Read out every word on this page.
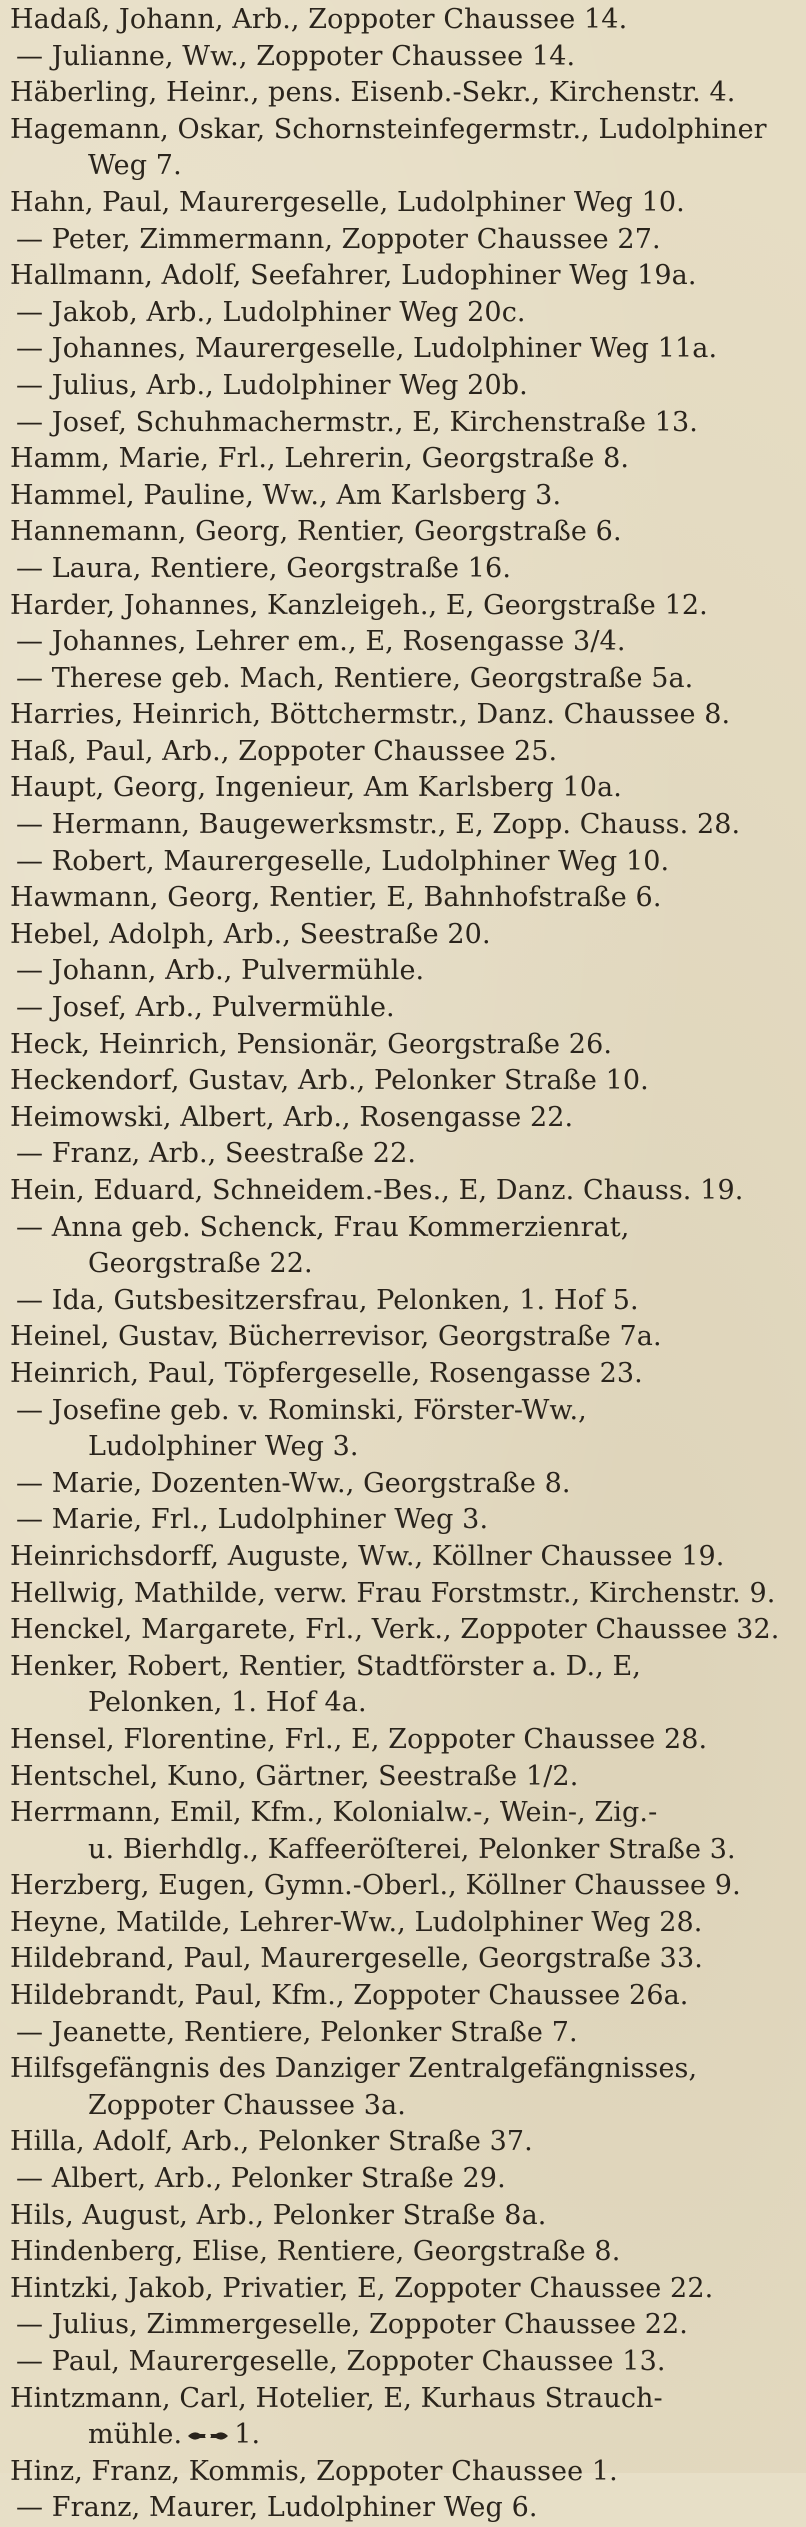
Hadaß, Johann, Arb., Zoppoter Chaussee 14.
— Julianne, Ww., Zoppoter Chaussee 14.
Häberling, Heinr., pens. Eisenb.-Sekr., Kirchenstr. 4.
Hagemann, Oskar, Schornsteinfegermstr., Ludolphiner
Weg 7.
Hahn, Paul, Maurergeselle, Ludolphiner Weg 10.
— Peter, Zimmermann, Zoppoter Chaussee 27.
Hallmann, Adolf, Seefahrer, Ludophiner Weg 19a.
— Jakob, Arb., Ludolphiner Weg 20c.
— Johannes, Maurergeselle, Ludolphiner Weg 11a.
— Julius, Arb., Ludolphiner Weg 20b.
— Josef, Schuhmachermstr., E, Kirchenstraße 13.
Hamm, Marie, Frl., Lehrerin, Georgstraße 8.
Hammel, Pauline, Ww., Am Karlsberg 3.
Hannemann, Georg, Rentier, Georgstraße 6.
— Laura, Rentiere, Georgstraße 16.
Harder, Johannes, Kanzleigeh., E, Georgstraße 12.
— Johannes, Lehrer em., E, Rosengasse 3/4.
— Therese geb. Mach, Rentiere, Georgstraße 5a.
Harries, Heinrich, Böttchermstr., Danz. Chaussee 8.
Haß, Paul, Arb., Zoppoter Chaussee 25.
Haupt, Georg, Ingenieur, Am Karlsberg 10a.
— Hermann, Baugewerksmstr., E, Zopp. Chauss. 28.
— Robert, Maurergeselle, Ludolphiner Weg 10.
Hawmann, Georg, Rentier, E, Bahnhofstraße 6.
Hebel, Adolph, Arb., Seestraße 20.
— Johann, Arb., Pulvermühle.
— Josef, Arb., Pulvermühle.
Heck, Heinrich, Pensionär, Georgstraße 26.
Heckendorf, Gustav, Arb., Pelonker Straße 10.
Heimowski, Albert, Arb., Rosengasse 22.
— Franz, Arb., Seestraße 22.
Hein, Eduard, Schneidem.-Bes., E, Danz. Chauss. 19.
— Anna geb. Schenck, Frau Kommerzienrat,
Georgstraße 22.
— Ida, Gutsbesitzersfrau, Pelonken, 1. Hof 5.
Heinel, Gustav, Bücherrevisor, Georgstraße 7a.
Heinrich, Paul, Töpfergeselle, Rosengasse 23.
— Josefine geb. v. Rominski, Förster-Ww.,
Ludolphiner Weg 3.
— Marie, Dozenten-Ww., Georgstraße 8.
— Marie, Frl., Ludolphiner Weg 3.
Heinrichsdorff, Auguste, Ww., Köllner Chaussee 19.
Hellwig, Mathilde, verw. Frau Forstmstr., Kirchenstr. 9.
Henckel, Margarete, Frl., Verk., Zoppoter Chaussee 32.
Henker, Robert, Rentier, Stadtförster a. D., E,
Pelonken, 1. Hof 4a.
Hensel, Florentine, Frl., E, Zoppoter Chaussee 28.
Hentschel, Kuno, Gärtner, Seestraße 1/2.
Herrmann, Emil, Kfm., Kolonialw.-, Wein-, Zig.-
u. Bierhdlg., Kaffeeröſterei, Pelonker Straße 3.
Herzberg, Eugen, Gymn.-Oberl., Köllner Chaussee 9.
Heyne, Matilde, Lehrer-Ww., Ludolphiner Weg 28.
Hildebrand, Paul, Maurergeselle, Georgstraße 33.
Hildebrandt, Paul, Kfm., Zoppoter Chaussee 26a.
— Jeanette, Rentiere, Pelonker Straße 7.
Hilfsgefängnis des Danziger Zentralgefängnisses,
Zoppoter Chaussee 3a.
Hilla, Adolf, Arb., Pelonker Straße 37.
— Albert, Arb., Pelonker Straße 29.
Hils, August, Arb., Pelonker Straße 8a.
Hindenberg, Elise, Rentiere, Georgstraße 8.
Hintzki, Jakob, Privatier, E, Zoppoter Chaussee 22.
— Julius, Zimmergeselle, Zoppoter Chaussee 22.
— Paul, Maurergeselle, Zoppoter Chaussee 13.
Hintzmann, Carl, Hotelier, E, Kurhaus Strauch-
mühle. 1.
Hinz, Franz, Kommis, Zoppoter Chaussee 1.
— Franz, Maurer, Ludolphiner Weg 6.
